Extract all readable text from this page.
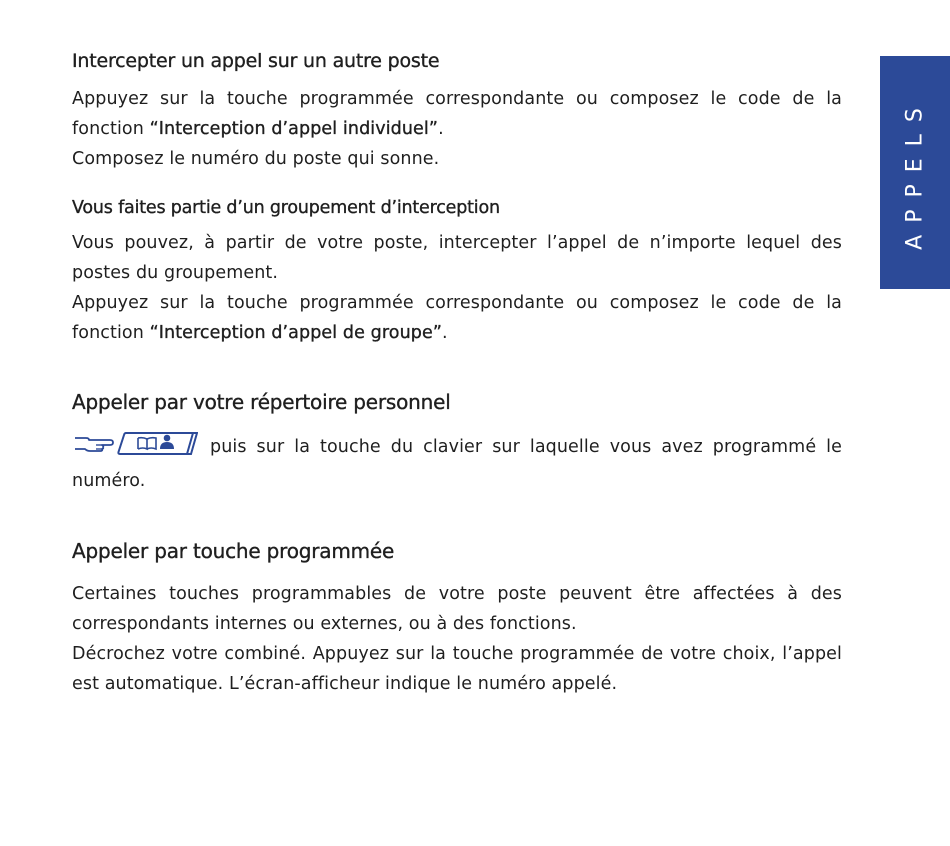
Intercepter un appel sur un autre poste

Appuyez sur la touche programmée correspondante ou composez le code de la fonction “Interception d’appel individuel”.

Composez le numéro du poste qui sonne.

Vous faites partie d’un groupement d’interception

Vous pouvez, à partir de votre poste, intercepter l’appel de n’importe lequel des postes du groupement.

Appuyez sur la touche programmée correspondante ou composez le code de la fonction “Interception d’appel de groupe”.

Appeler par votre répertoire personnel

puis sur la touche du clavier sur laquelle vous avez programmé le numéro.

Appeler par touche programmée

Certaines touches programmables de votre poste peuvent être affectées à des correspondants internes ou externes, ou à des fonctions.

Décrochez votre combiné. Appuyez sur la touche programmée de votre choix, l’appel est automatique. L’écran-afficheur indique le numéro appelé.

APPELS
